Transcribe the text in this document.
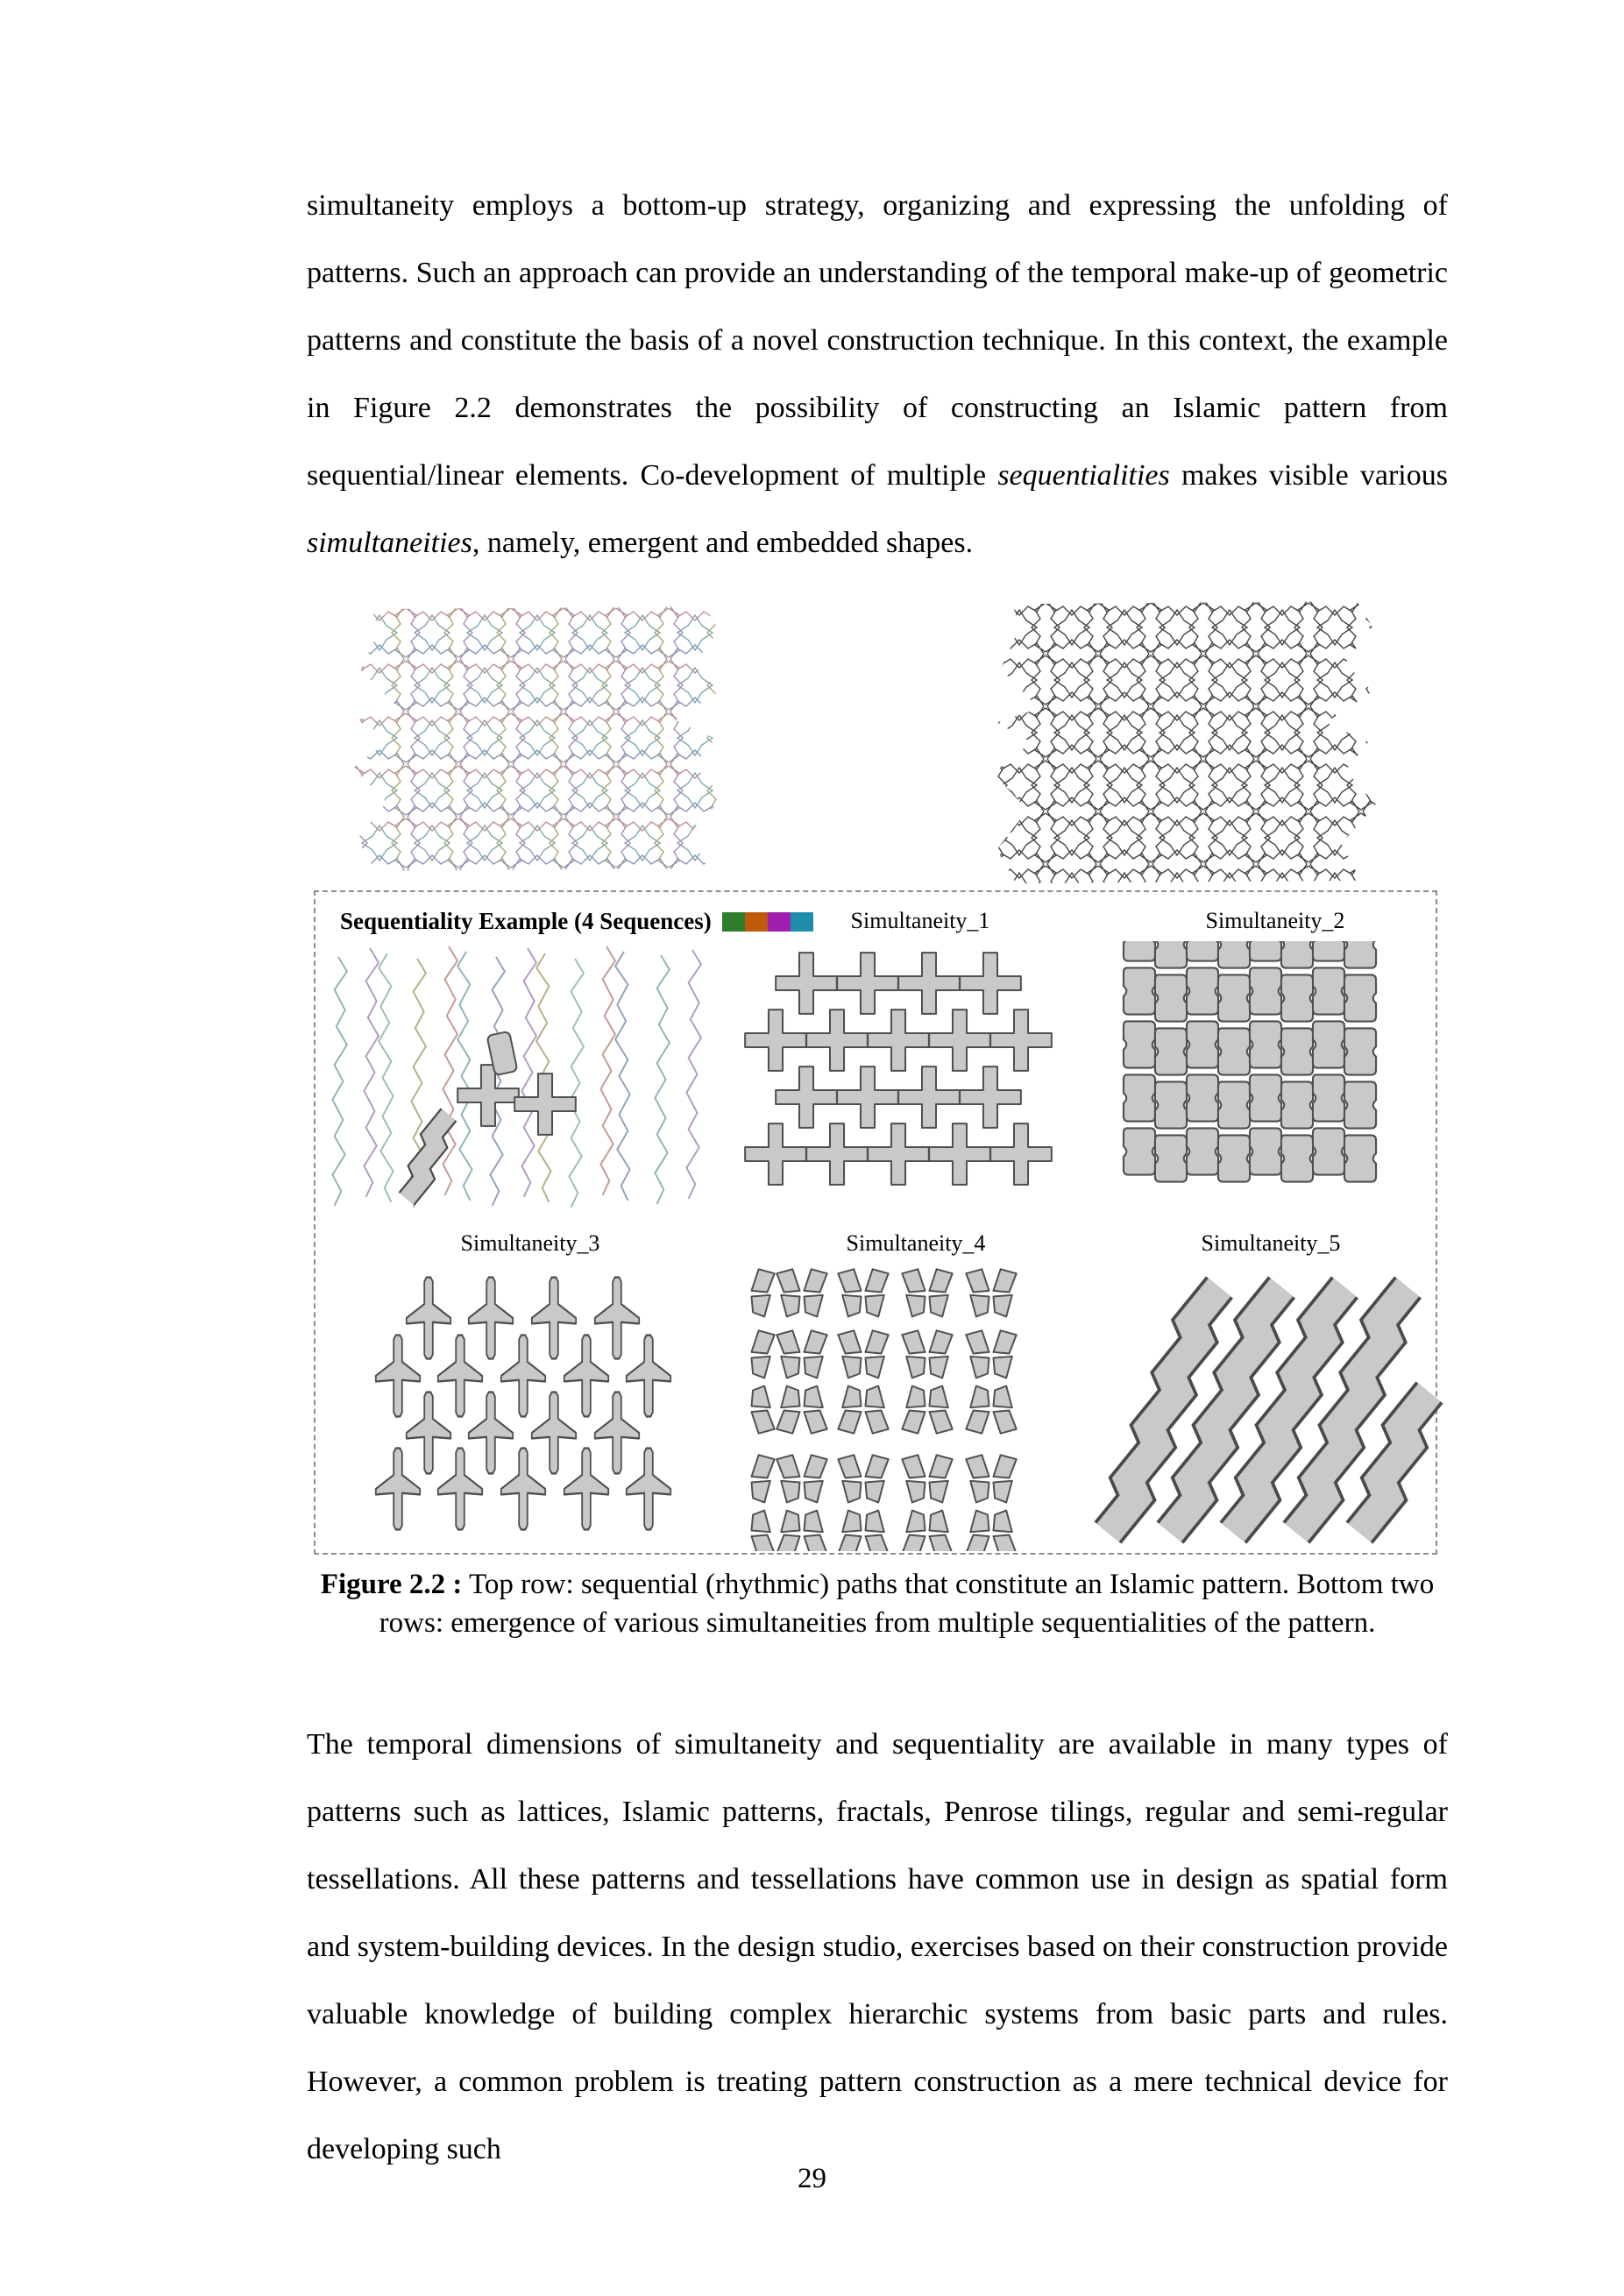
simultaneity employs a bottom-up strategy, organizing and expressing the unfolding of patterns. Such an approach can provide an understanding of the temporal make-up of geometric patterns and constitute the basis of a novel construction technique. In this context, the example in Figure 2.2 demonstrates the possibility of constructing an Islamic pattern from sequential/linear elements. Co-development of multiple sequentialities makes visible various simultaneities, namely, emergent and embedded shapes.

Sequentiality Example (4 Sequences)	Simultaneity_1	Simultaneity_2
Simultaneity_3	Simultaneity_4	Simultaneity_5

Figure 2.2 : Top row: sequential (rhythmic) paths that constitute an Islamic pattern. Bottom two rows: emergence of various simultaneities from multiple sequentialities of the pattern.

The temporal dimensions of simultaneity and sequentiality are available in many types of patterns such as lattices, Islamic patterns, fractals, Penrose tilings, regular and semi-regular tessellations. All these patterns and tessellations have common use in design as spatial form and system-building devices. In the design studio, exercises based on their construction provide valuable knowledge of building complex hierarchic systems from basic parts and rules. However, a common problem is treating pattern construction as a mere technical device for developing such

29
